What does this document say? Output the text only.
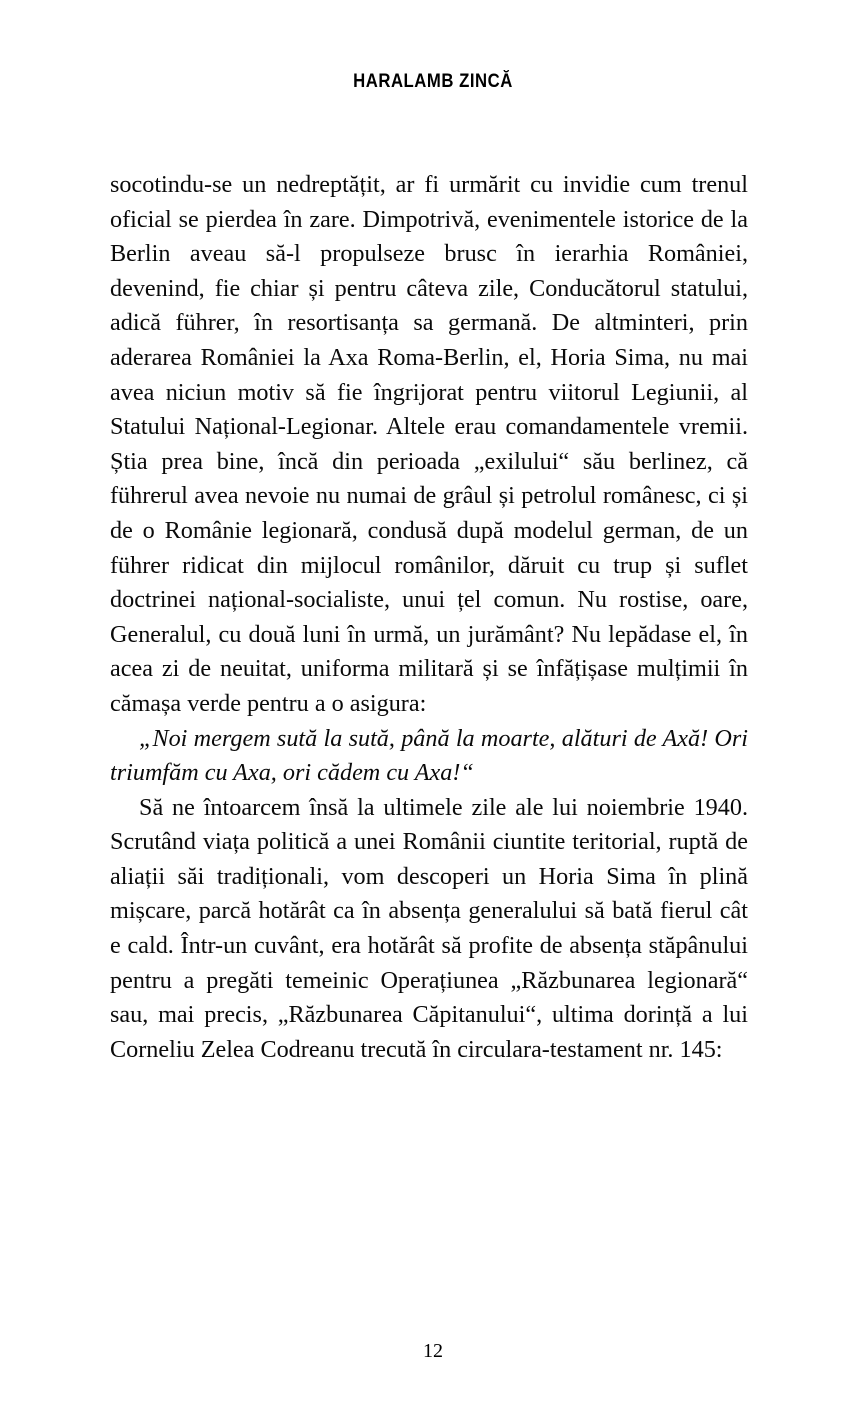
HARALAMB ZINCĂ

socotindu-se un nedreptățit, ar fi urmărit cu invidie cum trenul oficial se pierdea în zare. Dimpotrivă, evenimentele istorice de la Berlin aveau să-l propulseze brusc în ierarhia României, devenind, fie chiar și pentru câteva zile, Conducătorul statului, adică führer, în resortisanța sa germană. De altminteri, prin aderarea României la Axa Roma-Berlin, el, Horia Sima, nu mai avea niciun motiv să fie îngrijorat pentru viitorul Legiunii, al Statului Național-Legionar. Altele erau comandamentele vremii. Știa prea bine, încă din perioada „exilului“ său berlinez, că führerul avea nevoie nu numai de grâul și petrolul românesc, ci și de o Românie legionară, condusă după modelul german, de un führer ridicat din mijlocul românilor, dăruit cu trup și suflet doctrinei național-socialiste, unui țel comun. Nu rostise, oare, Generalul, cu două luni în urmă, un jurământ? Nu lepădase el, în acea zi de neuitat, uniforma militară și se înfățișase mulțimii în cămașa verde pentru a o asigura:

„Noi mergem sută la sută, până la moarte, alături de Axă! Ori triumfăm cu Axa, ori cădem cu Axa!“

Să ne întoarcem însă la ultimele zile ale lui noiembrie 1940. Scrutând viața politică a unei Românii ciuntite teritorial, ruptă de aliații săi tradiționali, vom descoperi un Horia Sima în plină mișcare, parcă hotărât ca în absența generalului să bată fierul cât e cald. Într-un cuvânt, era hotărât să profite de absența stăpânului pentru a pregăti temeinic Operațiunea „Răzbunarea legionară“ sau, mai precis, „Răzbunarea Căpitanului“, ultima dorință a lui Corneliu Zelea Codreanu trecută în circulara-testament nr. 145:

12
